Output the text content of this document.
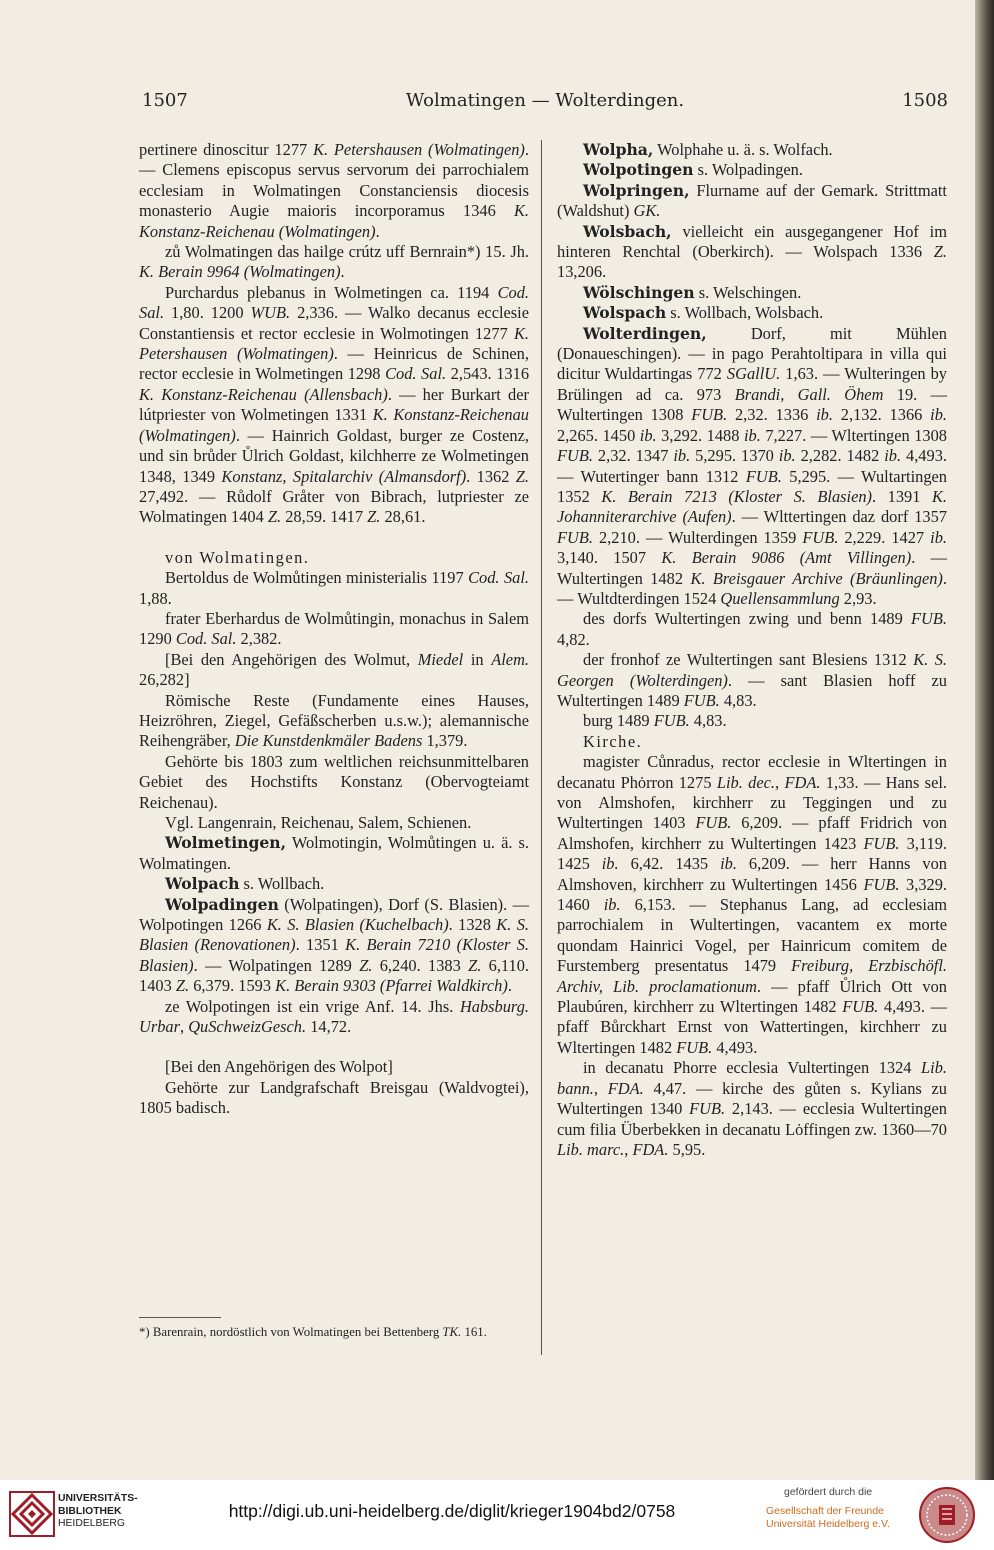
1507	Wolmatingen — Wolterdingen.	1508

pertinere dinoscitur 1277 K. Petershausen (Wolmatingen). — Clemens episcopus servus servorum dei parrochialem ecclesiam in Wolmatingen Constanciensis diocesis monasterio Augie maioris incorporamus 1346 K. Konstanz-Reichenau (Wolmatingen).

zů Wolmatingen das hailge crútz uff Bernrain*) 15. Jh. K. Berain 9964 (Wolmatingen).

Purchardus plebanus in Wolmetingen ca. 1194 Cod. Sal. 1,80. 1200 WUB. 2,336. — Walko decanus ecclesie Constantiensis et rector ecclesie in Wolmotingen 1277 K. Petershausen (Wolmatingen). — Heinricus de Schinen, rector ecclesie in Wolmetingen 1298 Cod. Sal. 2,543. 1316 K. Konstanz-Reichenau (Allensbach). — her Burkart der lútpriester von Wolmetingen 1331 K. Konstanz-Reichenau (Wolmatingen). — Hainrich Goldast, burger ze Costenz, und sin brůder Ůlrich Goldast, kilchherre ze Wolmetingen 1348, 1349 Konstanz, Spitalarchiv (Almansdorf). 1362 Z. 27,492. — Růdolf Gråter von Bibrach, lutpriester ze Wolmatingen 1404 Z. 28,59. 1417 Z. 28,61.

von Wolmatingen.

Bertoldus de Wolmůtingen ministerialis 1197 Cod. Sal. 1,88.

frater Eberhardus de Wolmůtingin, monachus in Salem 1290 Cod. Sal. 2,382.

[Bei den Angehörigen des Wolmut, Miedel in Alem. 26,282]

Römische Reste (Fundamente eines Hauses, Heizröhren, Ziegel, Gefäßscherben u.s.w.); alemannische Reihengräber, Die Kunstdenkmäler Badens 1,379.

Gehörte bis 1803 zum weltlichen reichsunmittelbaren Gebiet des Hochstifts Konstanz (Obervogteiamt Reichenau).

Vgl. Langenrain, Reichenau, Salem, Schienen.

Wolmetingen, Wolmotingin, Wolmůtingen u. ä. s. Wolmatingen.

Wolpach s. Wollbach.

Wolpadingen (Wolpatingen), Dorf (S. Blasien). — Wolpotingen 1266 K. S. Blasien (Kuchelbach). 1328 K. S. Blasien (Renovationen). 1351 K. Berain 7210 (Kloster S. Blasien). — Wolpatingen 1289 Z. 6,240. 1383 Z. 6,110. 1403 Z. 6,379. 1593 K. Berain 9303 (Pfarrei Waldkirch).

ze Wolpotingen ist ein vrige Anf. 14. Jhs. Habsburg. Urbar, QuSchweizGesch. 14,72.

[Bei den Angehörigen des Wolpot]

Gehörte zur Landgrafschaft Breisgau (Waldvogtei), 1805 badisch.

Wolpha, Wolphahe u. ä. s. Wolfach.

Wolpotingen s. Wolpadingen.

Wolpringen, Flurname auf der Gemark. Strittmatt (Waldshut) GK.

Wolsbach, vielleicht ein ausgegangener Hof im hinteren Renchtal (Oberkirch). — Wolspach 1336 Z. 13,206.

Wölschingen s. Welschingen.

Wolspach s. Wollbach, Wolsbach.

Wolterdingen, Dorf, mit Mühlen (Donaueschingen). — in pago Perahtoltipara in villa qui dicitur Wuldartingas 772 SGallU. 1,63. — Wulteringen by Brülingen ad ca. 973 Brandi, Gall. Öhem 19. — Wultertingen 1308 FUB. 2,32. 1336 ib. 2,132. 1366 ib. 2,265. 1450 ib. 3,292. 1488 ib. 7,227. — Wltertingen 1308 FUB. 2,32. 1347 ib. 5,295. 1370 ib. 2,282. 1482 ib. 4,493. — Wutertinger bann 1312 FUB. 5,295. — Wultartingen 1352 K. Berain 7213 (Kloster S. Blasien). 1391 K. Johanniterarchive (Aufen). — Wlttertingen daz dorf 1357 FUB. 2,210. — Wulterdingen 1359 FUB. 2,229. 1427 ib. 3,140. 1507 K. Berain 9086 (Amt Villingen). — Wultertingen 1482 K. Breisgauer Archive (Bräunlingen). — Wultdterdingen 1524 Quellensammlung 2,93.

des dorfs Wultertingen zwing und benn 1489 FUB. 4,82.

der fronhof ze Wultertingen sant Blesiens 1312 K. S. Georgen (Wolterdingen). — sant Blasien hoff zu Wultertingen 1489 FUB. 4,83.

burg 1489 FUB. 4,83.

Kirche.

magister Cůnradus, rector ecclesie in Wltertingen in decanatu Phȯrron 1275 Lib. dec., FDA. 1,33. — Hans sel. von Almshofen, kirchherr zu Teggingen und zu Wultertingen 1403 FUB. 6,209. — pfaff Fridrich von Almshofen, kirchherr zu Wultertingen 1423 FUB. 3,119. 1425 ib. 6,42. 1435 ib. 6,209. — herr Hanns von Almshoven, kirchherr zu Wultertingen 1456 FUB. 3,329. 1460 ib. 6,153. — Stephanus Lang, ad ecclesiam parrochialem in Wultertingen, vacantem ex morte quondam Hainrici Vogel, per Hainricum comitem de Furstemberg presentatus 1479 Freiburg, Erzbischöfl. Archiv, Lib. proclamationum. — pfaff Ůlrich Ott von Plaubúren, kirchherr zu Wltertingen 1482 FUB. 4,493. — pfaff Bůrckhart Ernst von Wattertingen, kirchherr zu Wltertingen 1482 FUB. 4,493.

in decanatu Phorre ecclesia Vultertingen 1324 Lib. bann., FDA. 4,47. — kirche des gůten s. Kylians zu Wultertingen 1340 FUB. 2,143. — ecclesia Wultertingen cum filia Überbekken in decanatu Lȯffingen zw. 1360—70 Lib. marc., FDA. 5,95.

*) Barenrain, nordöstlich von Wolmatingen bei Bettenberg TK. 161.
UNIVERSITÄTS-
BIBLIOTHEK
HEIDELBERG
http://digi.ub.uni-heidelberg.de/diglit/krieger1904bd2/0758
gefördert durch die
Gesellschaft der Freunde
Universität Heidelberg e.V.
